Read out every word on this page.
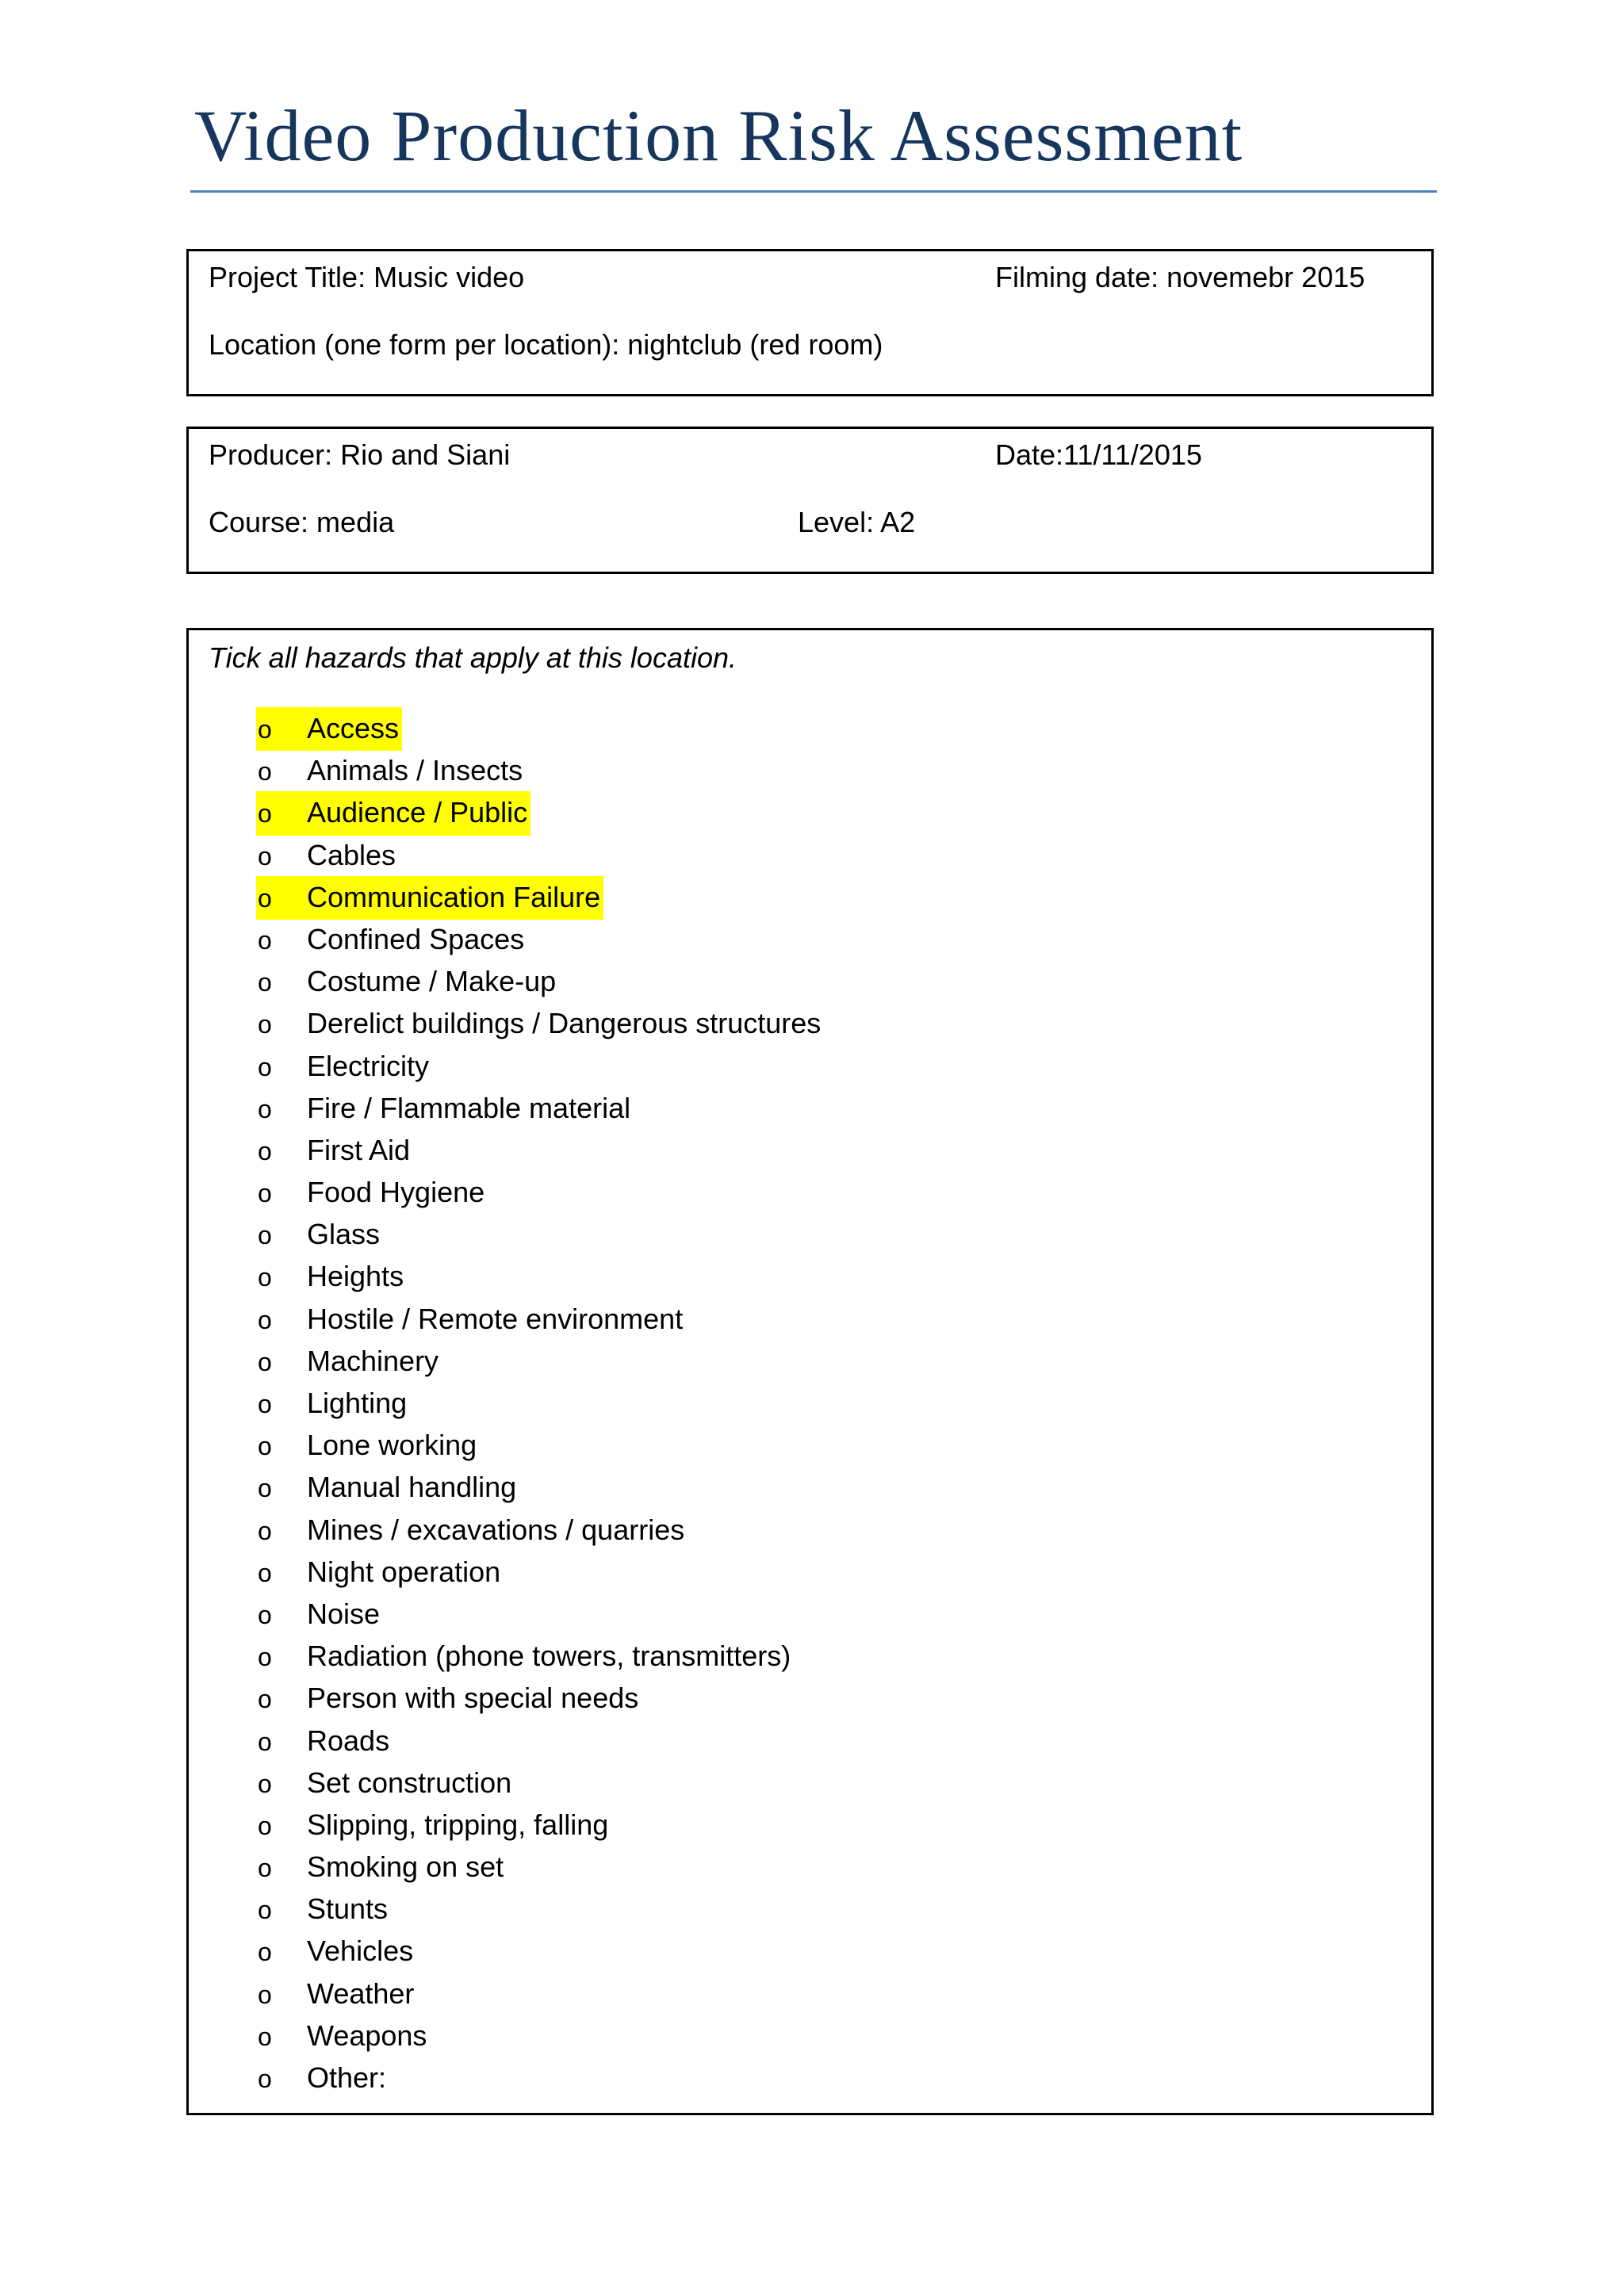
Video Production Risk Assessment
Project Title: Music video	Filming date: novemebr 2015
Location (one form per location): nightclub (red room)
Producer: Rio and Siani	Date:11/11/2015
Course: media	Level: A2
Tick all hazards that apply at this location.
o Access
o Animals / Insects
o Audience / Public
o Cables
o Communication Failure
o Confined Spaces
o Costume / Make-up
o Derelict buildings / Dangerous structures
o Electricity
o Fire / Flammable material
o First Aid
o Food Hygiene
o Glass
o Heights
o Hostile / Remote environment
o Machinery
o Lighting
o Lone working
o Manual handling
o Mines / excavations / quarries
o Night operation
o Noise
o Radiation (phone towers, transmitters)
o Person with special needs
o Roads
o Set construction
o Slipping, tripping, falling
o Smoking on set
o Stunts
o Vehicles
o Weather
o Weapons
o Other:
